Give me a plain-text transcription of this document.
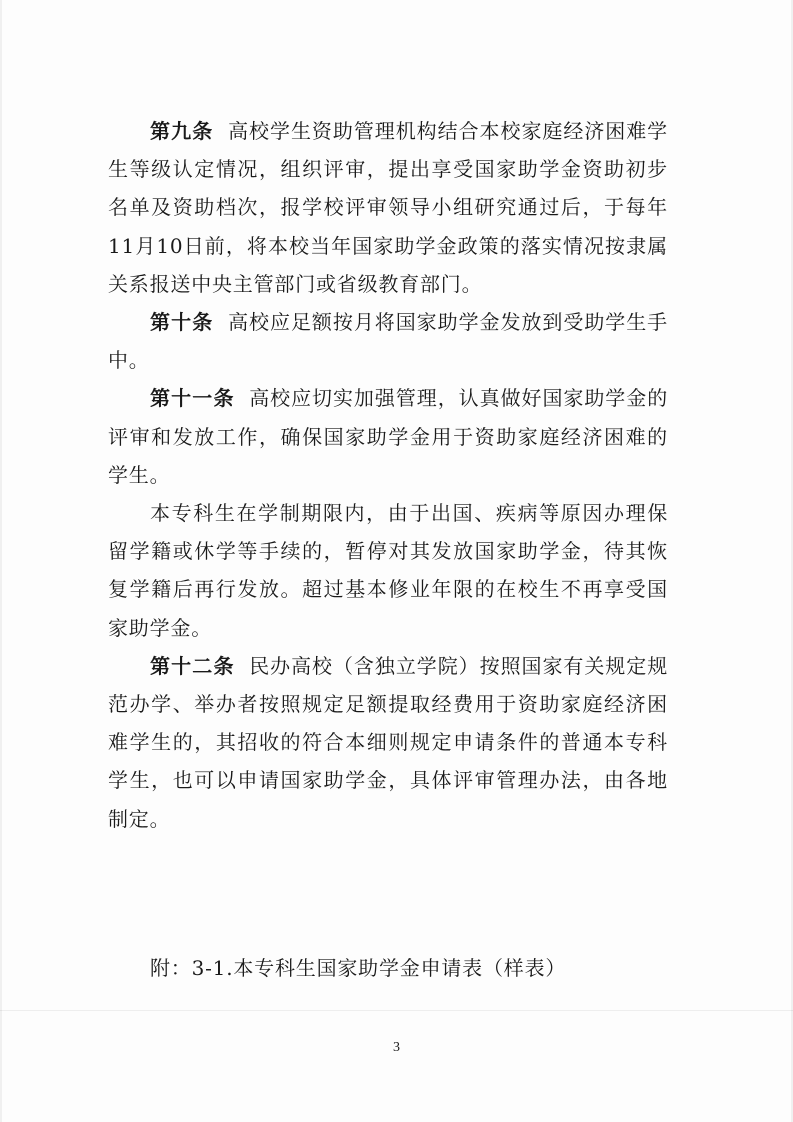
第九条 高校学生资助管理机构结合本校家庭经济困难学生等级认定情况，组织评审，提出享受国家助学金资助初步名单及资助档次，报学校评审领导小组研究通过后，于每年11月10日前，将本校当年国家助学金政策的落实情况按隶属关系报送中央主管部门或省级教育部门。

第十条 高校应足额按月将国家助学金发放到受助学生手中。

第十一条 高校应切实加强管理，认真做好国家助学金的评审和发放工作，确保国家助学金用于资助家庭经济困难的学生。

本专科生在学制期限内，由于出国、疾病等原因办理保留学籍或休学等手续的，暂停对其发放国家助学金，待其恢复学籍后再行发放。超过基本修业年限的在校生不再享受国家助学金。

第十二条 民办高校（含独立学院）按照国家有关规定规范办学、举办者按照规定足额提取经费用于资助家庭经济困难学生的，其招收的符合本细则规定申请条件的普通本专科学生，也可以申请国家助学金，具体评审管理办法，由各地制定。

附：3-1.本专科生国家助学金申请表（样表）
3
